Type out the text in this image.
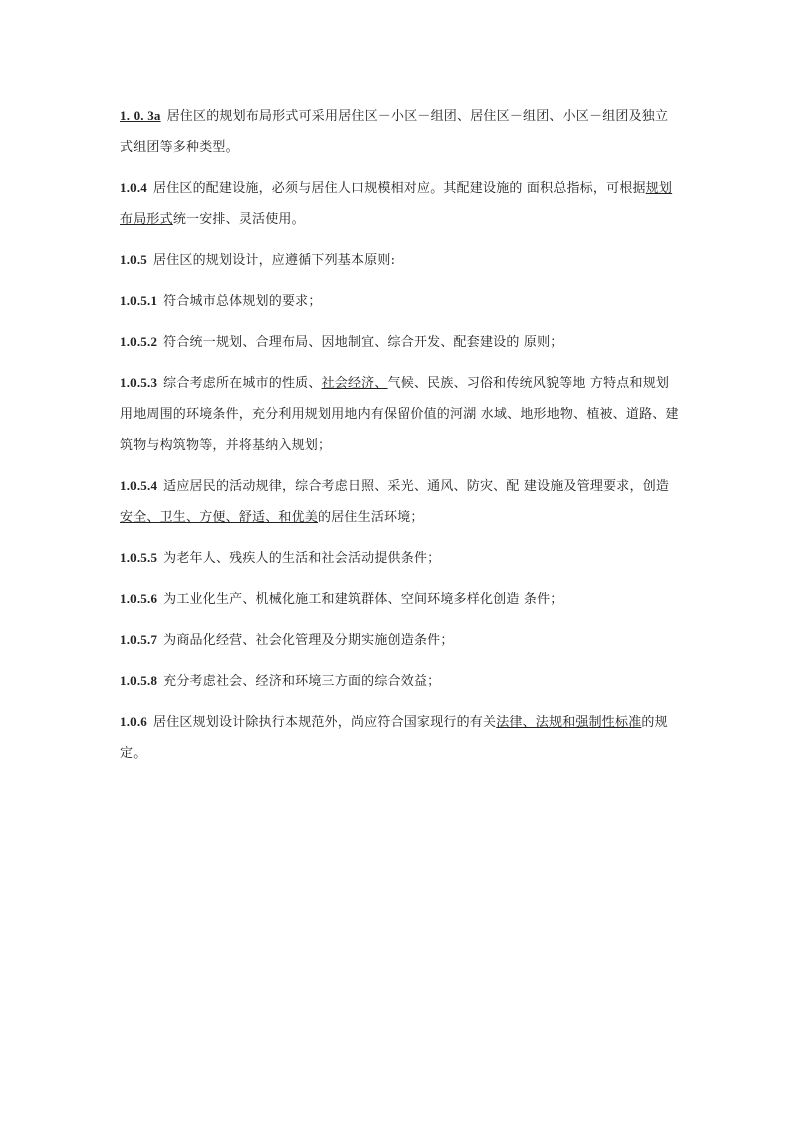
1. 0. 3a 居住区的规划布局形式可采用居住区－小区－组团、居住区－组团、小区－组团及独立式组团等多种类型。

1.0.4 居住区的配建设施，必须与居住人口规模相对应。其配建设施的 面积总指标，可根据规划布局形式统一安排、灵活使用。

1.0.5 居住区的规划设计，应遵循下列基本原则:

1.0.5.1 符合城市总体规划的要求；

1.0.5.2 符合统一规划、合理布局、因地制宜、综合开发、配套建设的 原则；

1.0.5.3 综合考虑所在城市的性质、社会经济、气候、民族、习俗和传统风貌等地 方特点和规划用地周围的环境条件，充分利用规划用地内有保留价值的河湖 水域、地形地物、植被、道路、建筑物与构筑物等，并将基纳入规划；

1.0.5.4 适应居民的活动规律，综合考虑日照、采光、通风、防灾、配 建设施及管理要求，创造安全、卫生、方便、舒适、和优美的居住生活环境；

1.0.5.5 为老年人、残疾人的生活和社会活动提供条件；

1.0.5.6 为工业化生产、机械化施工和建筑群体、空间环境多样化创造 条件；

1.0.5.7 为商品化经营、社会化管理及分期实施创造条件；

1.0.5.8 充分考虑社会、经济和环境三方面的综合效益；

1.0.6 居住区规划设计除执行本规范外，尚应符合国家现行的有关法律、法规和强制性标准的规定。
